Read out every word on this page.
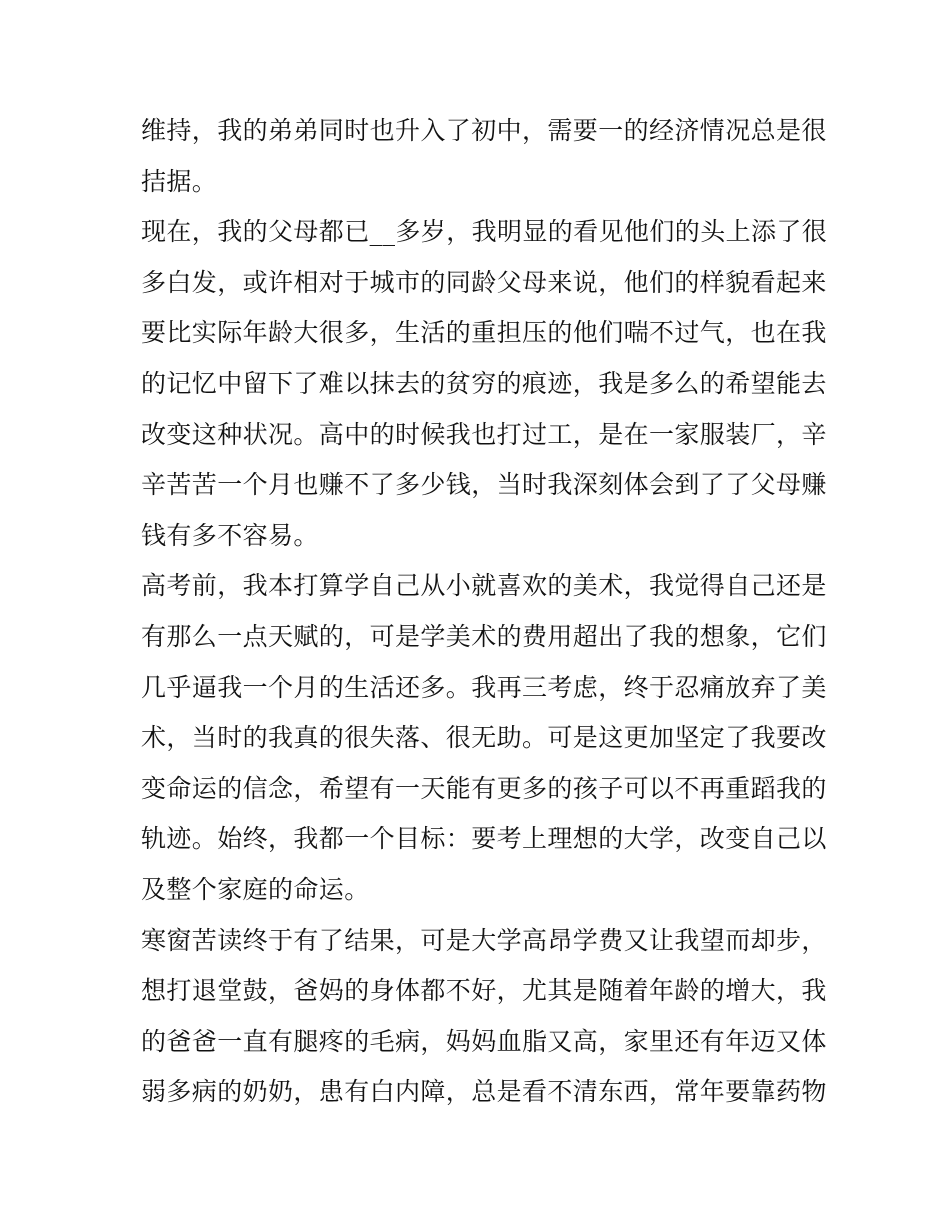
维持，我的弟弟同时也升入了初中，需要一的经济情况总是很
拮据。
现在，我的父母都已__多岁，我明显的看见他们的头上添了很
多白发，或许相对于城市的同龄父母来说，他们的样貌看起来
要比实际年龄大很多，生活的重担压的他们喘不过气，也在我
的记忆中留下了难以抹去的贫穷的痕迹，我是多么的希望能去
改变这种状况。高中的时候我也打过工，是在一家服装厂，辛
辛苦苦一个月也赚不了多少钱，当时我深刻体会到了了父母赚
钱有多不容易。
高考前，我本打算学自己从小就喜欢的美术，我觉得自己还是
有那么一点天赋的，可是学美术的费用超出了我的想象，它们
几乎逼我一个月的生活还多。我再三考虑，终于忍痛放弃了美
术，当时的我真的很失落、很无助。可是这更加坚定了我要改
变命运的信念，希望有一天能有更多的孩子可以不再重蹈我的
轨迹。始终，我都一个目标：要考上理想的大学，改变自己以
及整个家庭的命运。
寒窗苦读终于有了结果，可是大学高昂学费又让我望而却步，
想打退堂鼓，爸妈的身体都不好，尤其是随着年龄的增大，我
的爸爸一直有腿疼的毛病，妈妈血脂又高，家里还有年迈又体
弱多病的奶奶，患有白内障，总是看不清东西，常年要靠药物
